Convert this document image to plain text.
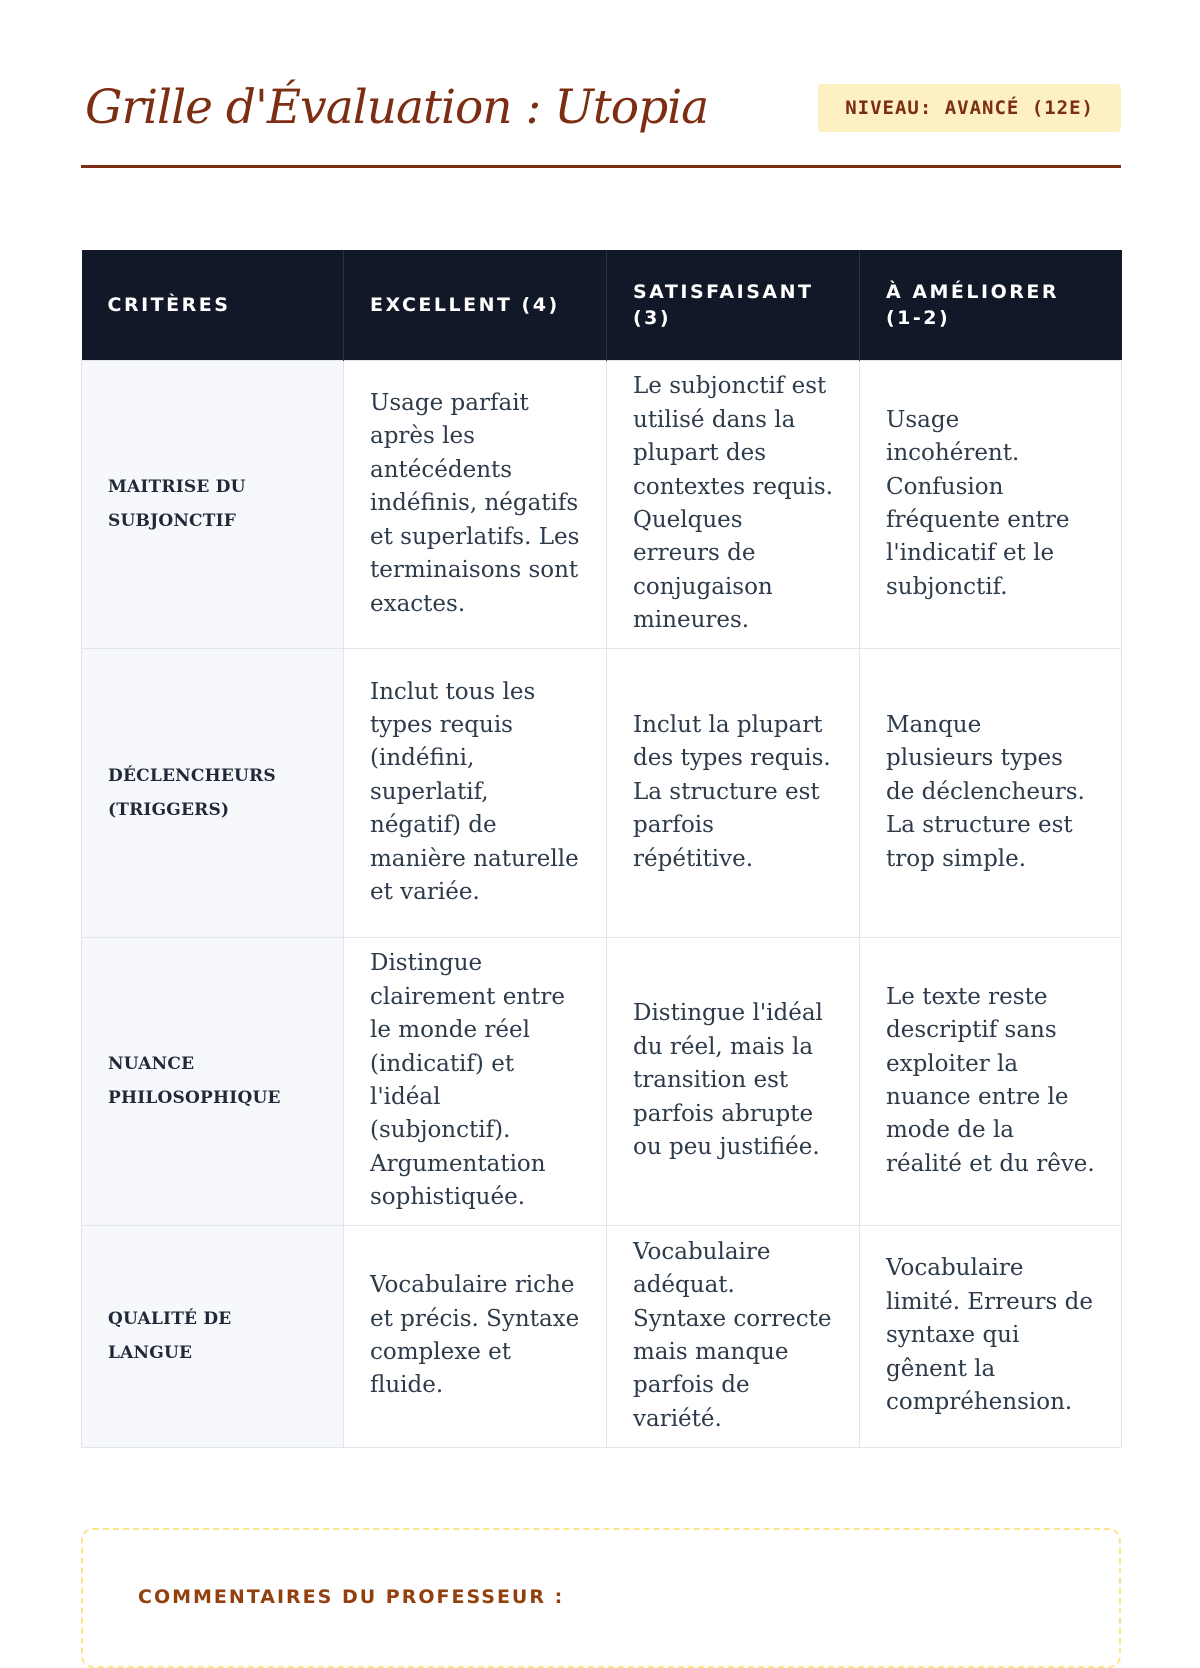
Grille d'Évaluation : Utopia	NIVEAU: AVANCÉ (12E)
CRITÈRES	EXCELLENT (4)	SATISFAISANT (3)	À AMÉLIORER (1-2)
MAITRISE DU SUBJONCTIF	Usage parfait après les antécédents indéfinis, négatifs et superlatifs. Les terminaisons sont exactes.	Le subjonctif est utilisé dans la plupart des contextes requis. Quelques erreurs de conjugaison mineures.	Usage incohérent. Confusion fréquente entre l'indicatif et le subjonctif.
DÉCLENCHEURS (TRIGGERS)	Inclut tous les types requis (indéfini, superlatif, négatif) de manière naturelle et variée.	Inclut la plupart des types requis. La structure est parfois répétitive.	Manque plusieurs types de déclencheurs. La structure est trop simple.
NUANCE PHILOSOPHIQUE	Distingue clairement entre le monde réel (indicatif) et l'idéal (subjonctif). Argumentation sophistiquée.	Distingue l'idéal du réel, mais la transition est parfois abrupte ou peu justifiée.	Le texte reste descriptif sans exploiter la nuance entre le mode de la réalité et du rêve.
QUALITÉ DE LANGUE	Vocabulaire riche et précis. Syntaxe complexe et fluide.	Vocabulaire adéquat. Syntaxe correcte mais manque parfois de variété.	Vocabulaire limité. Erreurs de syntaxe qui gênent la compréhension.
COMMENTAIRES DU PROFESSEUR :
